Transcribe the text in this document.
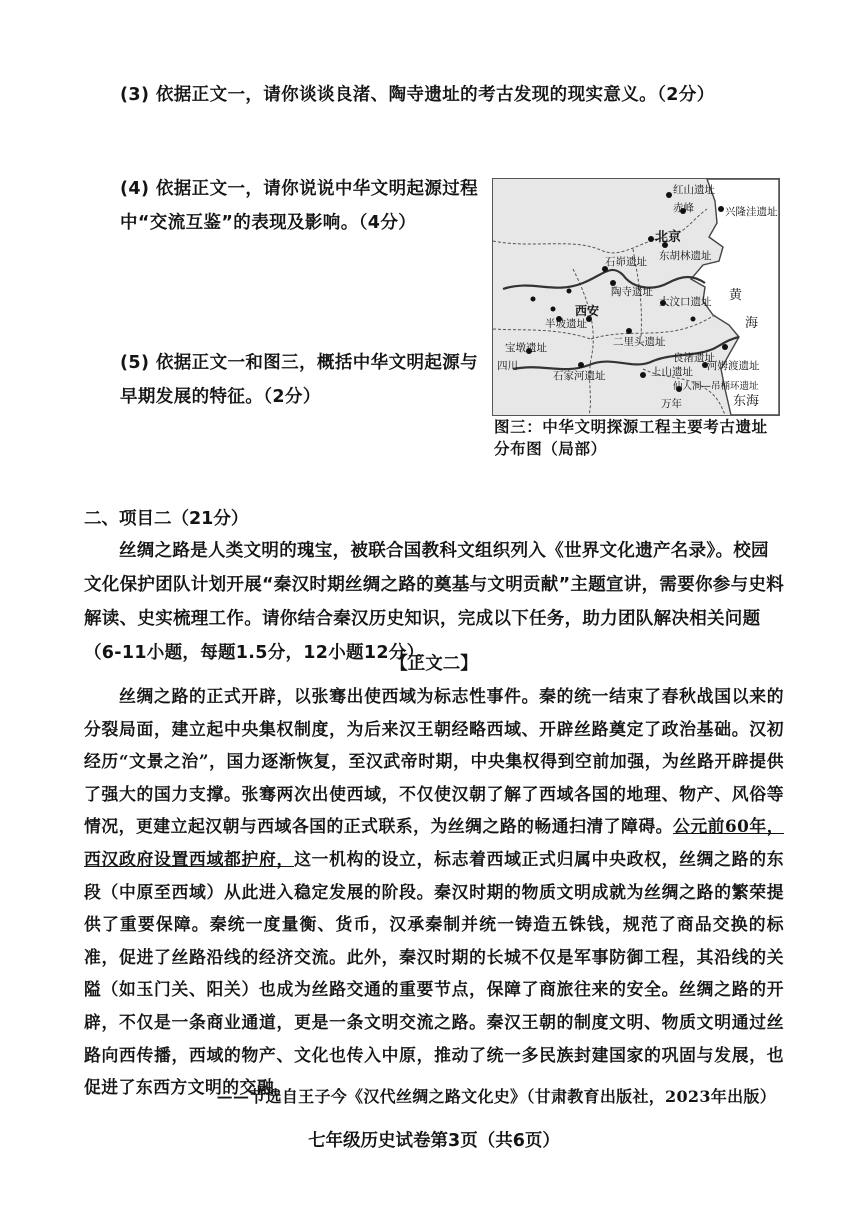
(3) 依据正文一，请你谈谈良渚、陶寺遗址的考古发现的现实意义。（2分）
(4) 依据正文一，请你说说中华文明起源过程
中“交流互鉴”的表现及影响。（4分）
(5) 依据正文一和图三，概括中华文明起源与
早期发展的特征。（2分）
红山遗址
赤峰	兴隆洼遗址
北京
石峁遗址 东胡林遗址
陶寺遗址
西安
大汶口遗址
半坡遗址
二里头遗址
宝墩遗址
良渚遗址
石家河遗址	上山遗址 河姆渡遗址
万年
仙人洞—吊桶环遗址
黄
海
东海
四川
图三：中华文明探源工程主要考古遗址
分布图（局部）
二、项目二（21分）
丝绸之路是人类文明的瑰宝，被联合国教科文组织列入《世界文化遗产名录》。校园文化保护团队计划开展“秦汉时期丝绸之路的奠基与文明贡献”主题宣讲，需要你参与史料解读、史实梳理工作。请你结合秦汉历史知识，完成以下任务，助力团队解决相关问题（6-11小题，每题1.5分，12小题12分）。
【正文二】

丝绸之路的正式开辟，以张骞出使西域为标志性事件。秦的统一结束了春秋战国以来的分裂局面，建立起中央集权制度，为后来汉王朝经略西域、开辟丝路奠定了政治基础。汉初经历“文景之治”，国力逐渐恢复，至汉武帝时期，中央集权得到空前加强，为丝路开辟提供了强大的国力支撑。张骞两次出使西域，不仅使汉朝了解了西域各国的地理、物产、风俗等情况，更建立起汉朝与西域各国的正式联系，为丝绸之路的畅通扫清了障碍。公元前60年，西汉政府设置西域都护府，这一机构的设立，标志着西域正式归属中央政权，丝绸之路的东段（中原至西域）从此进入稳定发展的阶段。秦汉时期的物质文明成就为丝绸之路的繁荣提供了重要保障。秦统一度量衡、货币，汉承秦制并统一铸造五铢钱，规范了商品交换的标准，促进了丝路沿线的经济交流。此外，秦汉时期的长城不仅是军事防御工程，其沿线的关隘（如玉门关、阳关）也成为丝路交通的重要节点，保障了商旅往来的安全。丝绸之路的开辟，不仅是一条商业通道，更是一条文明交流之路。秦汉王朝的制度文明、物质文明通过丝路向西传播，西域的物产、文化也传入中原，推动了统一多民族封建国家的巩固与发展，也促进了东西方文明的交融。

——节选自王子今《汉代丝绸之路文化史》（甘肃教育出版社，2023年出版）
七年级历史试卷第3页（共6页）
